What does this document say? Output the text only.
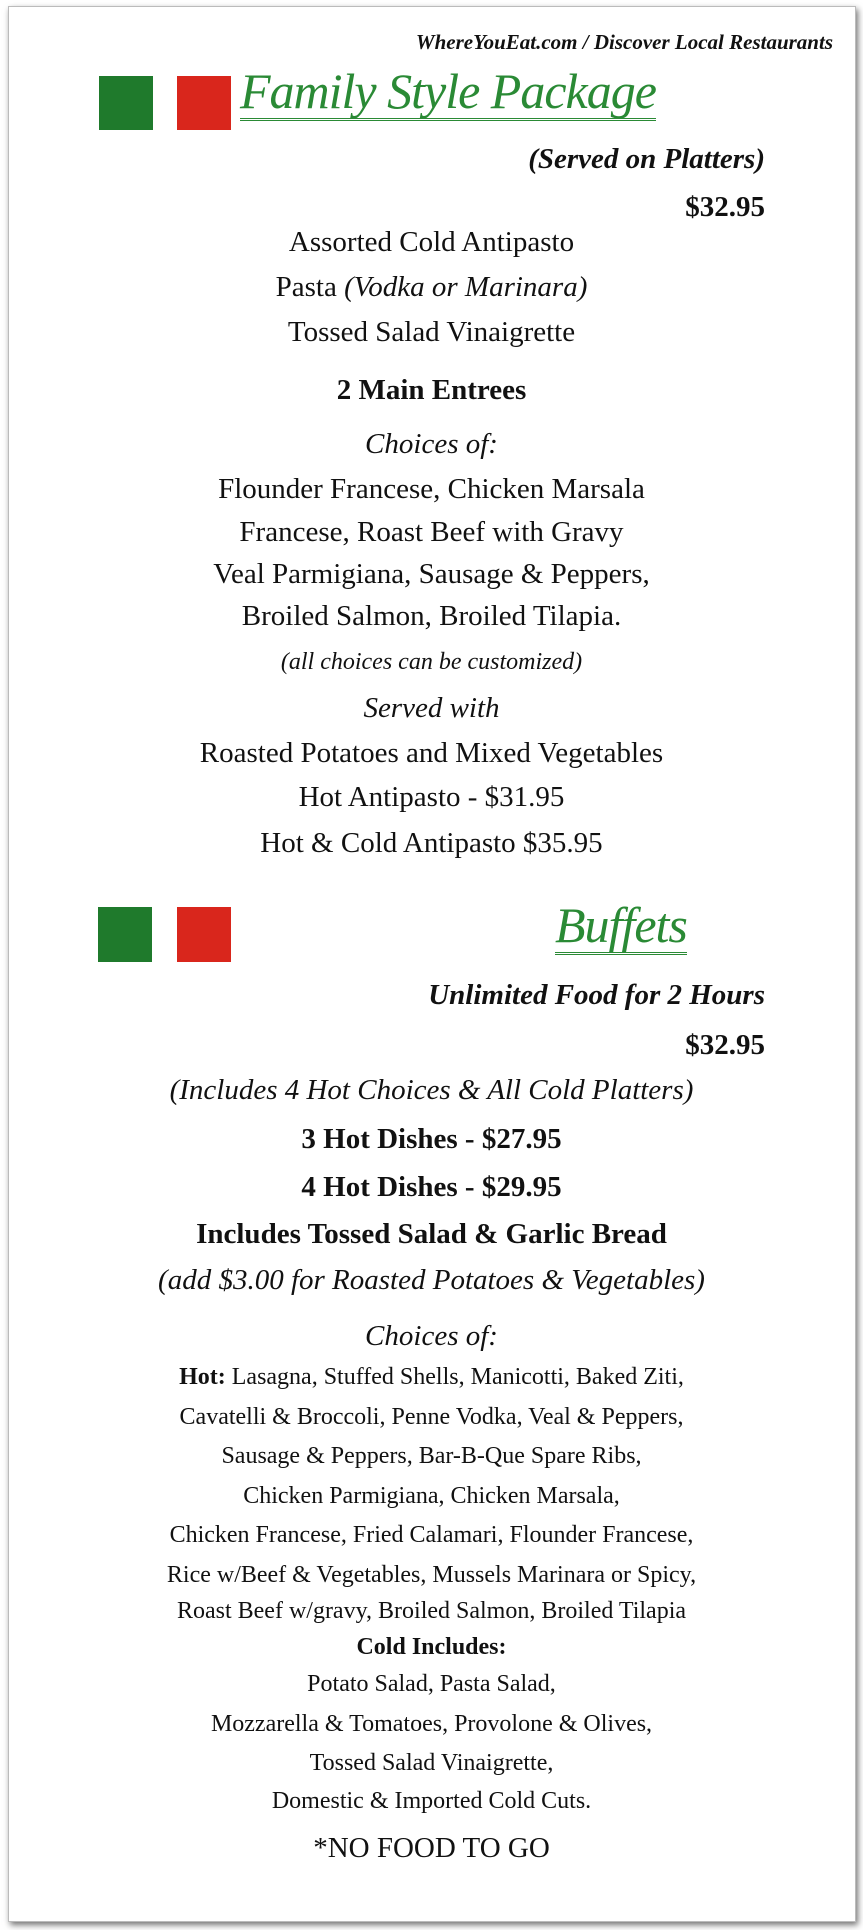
WhereYouEat.com / Discover Local Restaurants
Family Style Package
(Served on Platters)
$32.95
Assorted Cold Antipasto
Pasta (Vodka or Marinara)
Tossed Salad Vinaigrette
2 Main Entrees
Choices of:
Flounder Francese, Chicken Marsala
Francese, Roast Beef with Gravy
Veal Parmigiana, Sausage & Peppers,
Broiled Salmon, Broiled Tilapia.
(all choices can be customized)
Served with
Roasted Potatoes and Mixed Vegetables
Hot Antipasto - $31.95
Hot & Cold Antipasto $35.95
Buffets
Unlimited Food for 2 Hours
$32.95
(Includes 4 Hot Choices & All Cold Platters)
3 Hot Dishes - $27.95
4 Hot Dishes - $29.95
Includes Tossed Salad & Garlic Bread
(add $3.00 for Roasted Potatoes & Vegetables)
Choices of:
Hot: Lasagna, Stuffed Shells, Manicotti, Baked Ziti,
Cavatelli & Broccoli, Penne Vodka, Veal & Peppers,
Sausage & Peppers, Bar-B-Que Spare Ribs,
Chicken Parmigiana, Chicken Marsala,
Chicken Francese, Fried Calamari, Flounder Francese,
Rice w/Beef & Vegetables, Mussels Marinara or Spicy,
Roast Beef w/gravy, Broiled Salmon, Broiled Tilapia
Cold Includes:
Potato Salad, Pasta Salad,
Mozzarella & Tomatoes, Provolone & Olives,
Tossed Salad Vinaigrette,
Domestic & Imported Cold Cuts.
*NO FOOD TO GO
